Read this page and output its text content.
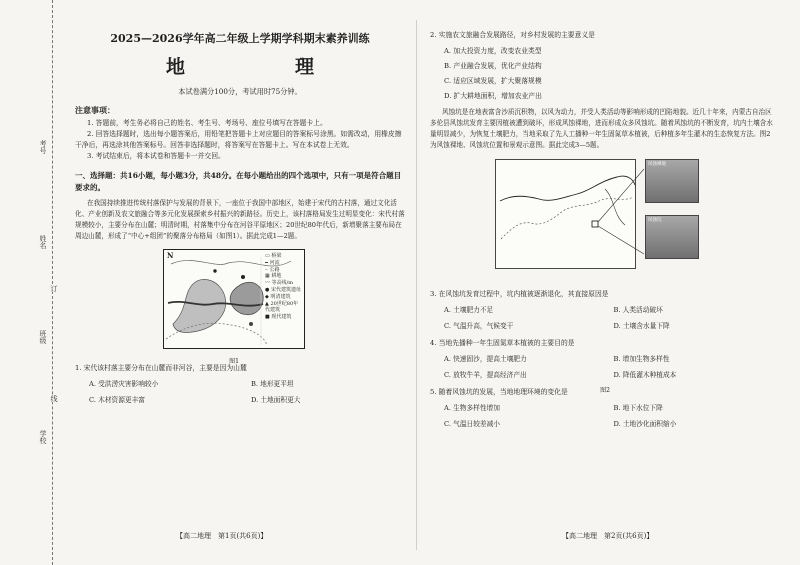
考号
姓名
班级
学校
订
线
2025—2026学年高二年级上学期学科期末素养训练
地　　理
本试卷满分100分，考试用时75分钟。
注意事项：

1. 答题前，考生务必将自己的姓名、考生号、考场号、座位号填写在答题卡上。

2. 回答选择题时，选出每小题答案后，用铅笔把答题卡上对应题目的答案标号涂黑。如需改动，用橡皮擦干净后，再选涂其他答案标号。回答非选择题时，将答案写在答题卡上。写在本试卷上无效。

3. 考试结束后，将本试卷和答题卡一并交回。

一、选择题：共16小题，每小题3分，共48分。在每小题给出的四个选项中，只有一项是符合题目要求的。
在我国持续推进传统村落保护与发展的背景下，一座位于我国中部地区，始建于宋代的古村落，通过文化活化、产业创新及农文旅融合等多元化发展探索乡村振兴的新路径。历史上，该村落格局发生过明显变化：宋代村落规模较小，主要分布在山麓；明清时期，村落集中分布在河谷平原地区；20世纪80年代后，新增聚落主要布局在周边山麓，形成了“中心+组团”的聚落分布格局（如图1）。据此完成1—2题。
N	▭ 桥梁
━ 河流
┈ 公路
▦ 耕地
〰 等高线/m
● 宋代建筑遗址
◆ 明清建筑
▲ 20世纪80年代建筑
■ 现代建筑
图1
1. 宋代该村落主要分布在山麓而非河谷，主要是因为山麓
A. 受洪涝灾害影响较小	B. 地形更平坦
C. 木材资源更丰富	D. 土地面积更大
2. 实施农文旅融合发展路径，对乡村发展的主要意义是
A. 加大投资力度，改变农业类型
B. 产业融合发展，优化产业结构
C. 适应区域发展，扩大聚落规模
D. 扩大耕地面积，增加农业产出
风蚀坑是在地表富含沙质沉积物，以风为动力，并受人类活动等影响形成的凹陷地貌。近几十年来，内蒙古自治区多伦县风蚀坑发育主要因植被遭到破坏，形成风蚀裸地，进而形成众多风蚀坑。随着风蚀坑的不断发育，坑内土壤含水量明显减少，为恢复土壤肥力，当地采取了先人工播种一年生固氮草本植被，后种植多年生灌木的生态恢复方法。图2为风蚀裸地、风蚀坑位置和景观示意图。据此完成3—5题。
风蚀裸地
风蚀坑
图2
3. 在风蚀坑发育过程中，坑内植被逐渐退化，其直接原因是
A. 土壤肥力不足	B. 人类活动破坏
C. 气温升高，气候变干	D. 土壤含水量下降
4. 当地先播种一年生固氮草本植被的主要目的是
A. 快速固沙，提高土壤肥力	B. 增加生物多样性
C. 放牧牛羊，提高经济产出	D. 降低灌木种植成本
5. 随着风蚀坑的发展，当地地理环境的变化是
A. 生物多样性增加	B. 地下水位下降
C. 气温日较差减小	D. 土地沙化面积缩小
【高二地理　第1页(共6页)】	【高二地理　第2页(共6页)】
